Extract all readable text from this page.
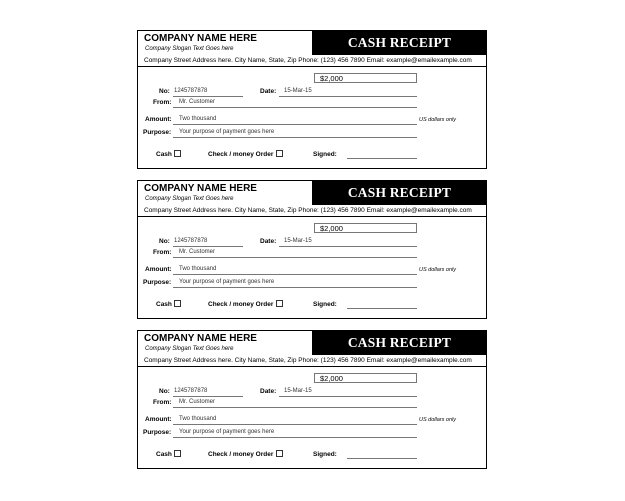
COMPANY NAME HERE
Company Slogan Text Goes here	CASH RECEIPT
Company Street Address here. City Name, State, Zip Phone: (123) 456 7890 Email: example@emailexample.com
$2,000
No: 1245787878	Date: 15-Mar-15
From: Mr. Customer
Amount: Two thousand	US dollars only
Purpose: Your purpose of payment goes here
Cash	Check / money Order	Signed:
COMPANY NAME HERE
Company Slogan Text Goes here	CASH RECEIPT
Company Street Address here. City Name, State, Zip Phone: (123) 456 7890 Email: example@emailexample.com
$2,000
No: 1245787878	Date: 15-Mar-15
From: Mr. Customer
Amount: Two thousand	US dollars only
Purpose: Your purpose of payment goes here
Cash	Check / money Order	Signed:
COMPANY NAME HERE
Company Slogan Text Goes here	CASH RECEIPT
Company Street Address here. City Name, State, Zip Phone: (123) 456 7890 Email: example@emailexample.com
$2,000
No: 1245787878	Date: 15-Mar-15
From: Mr. Customer
Amount: Two thousand	US dollars only
Purpose: Your purpose of payment goes here
Cash	Check / money Order	Signed:
